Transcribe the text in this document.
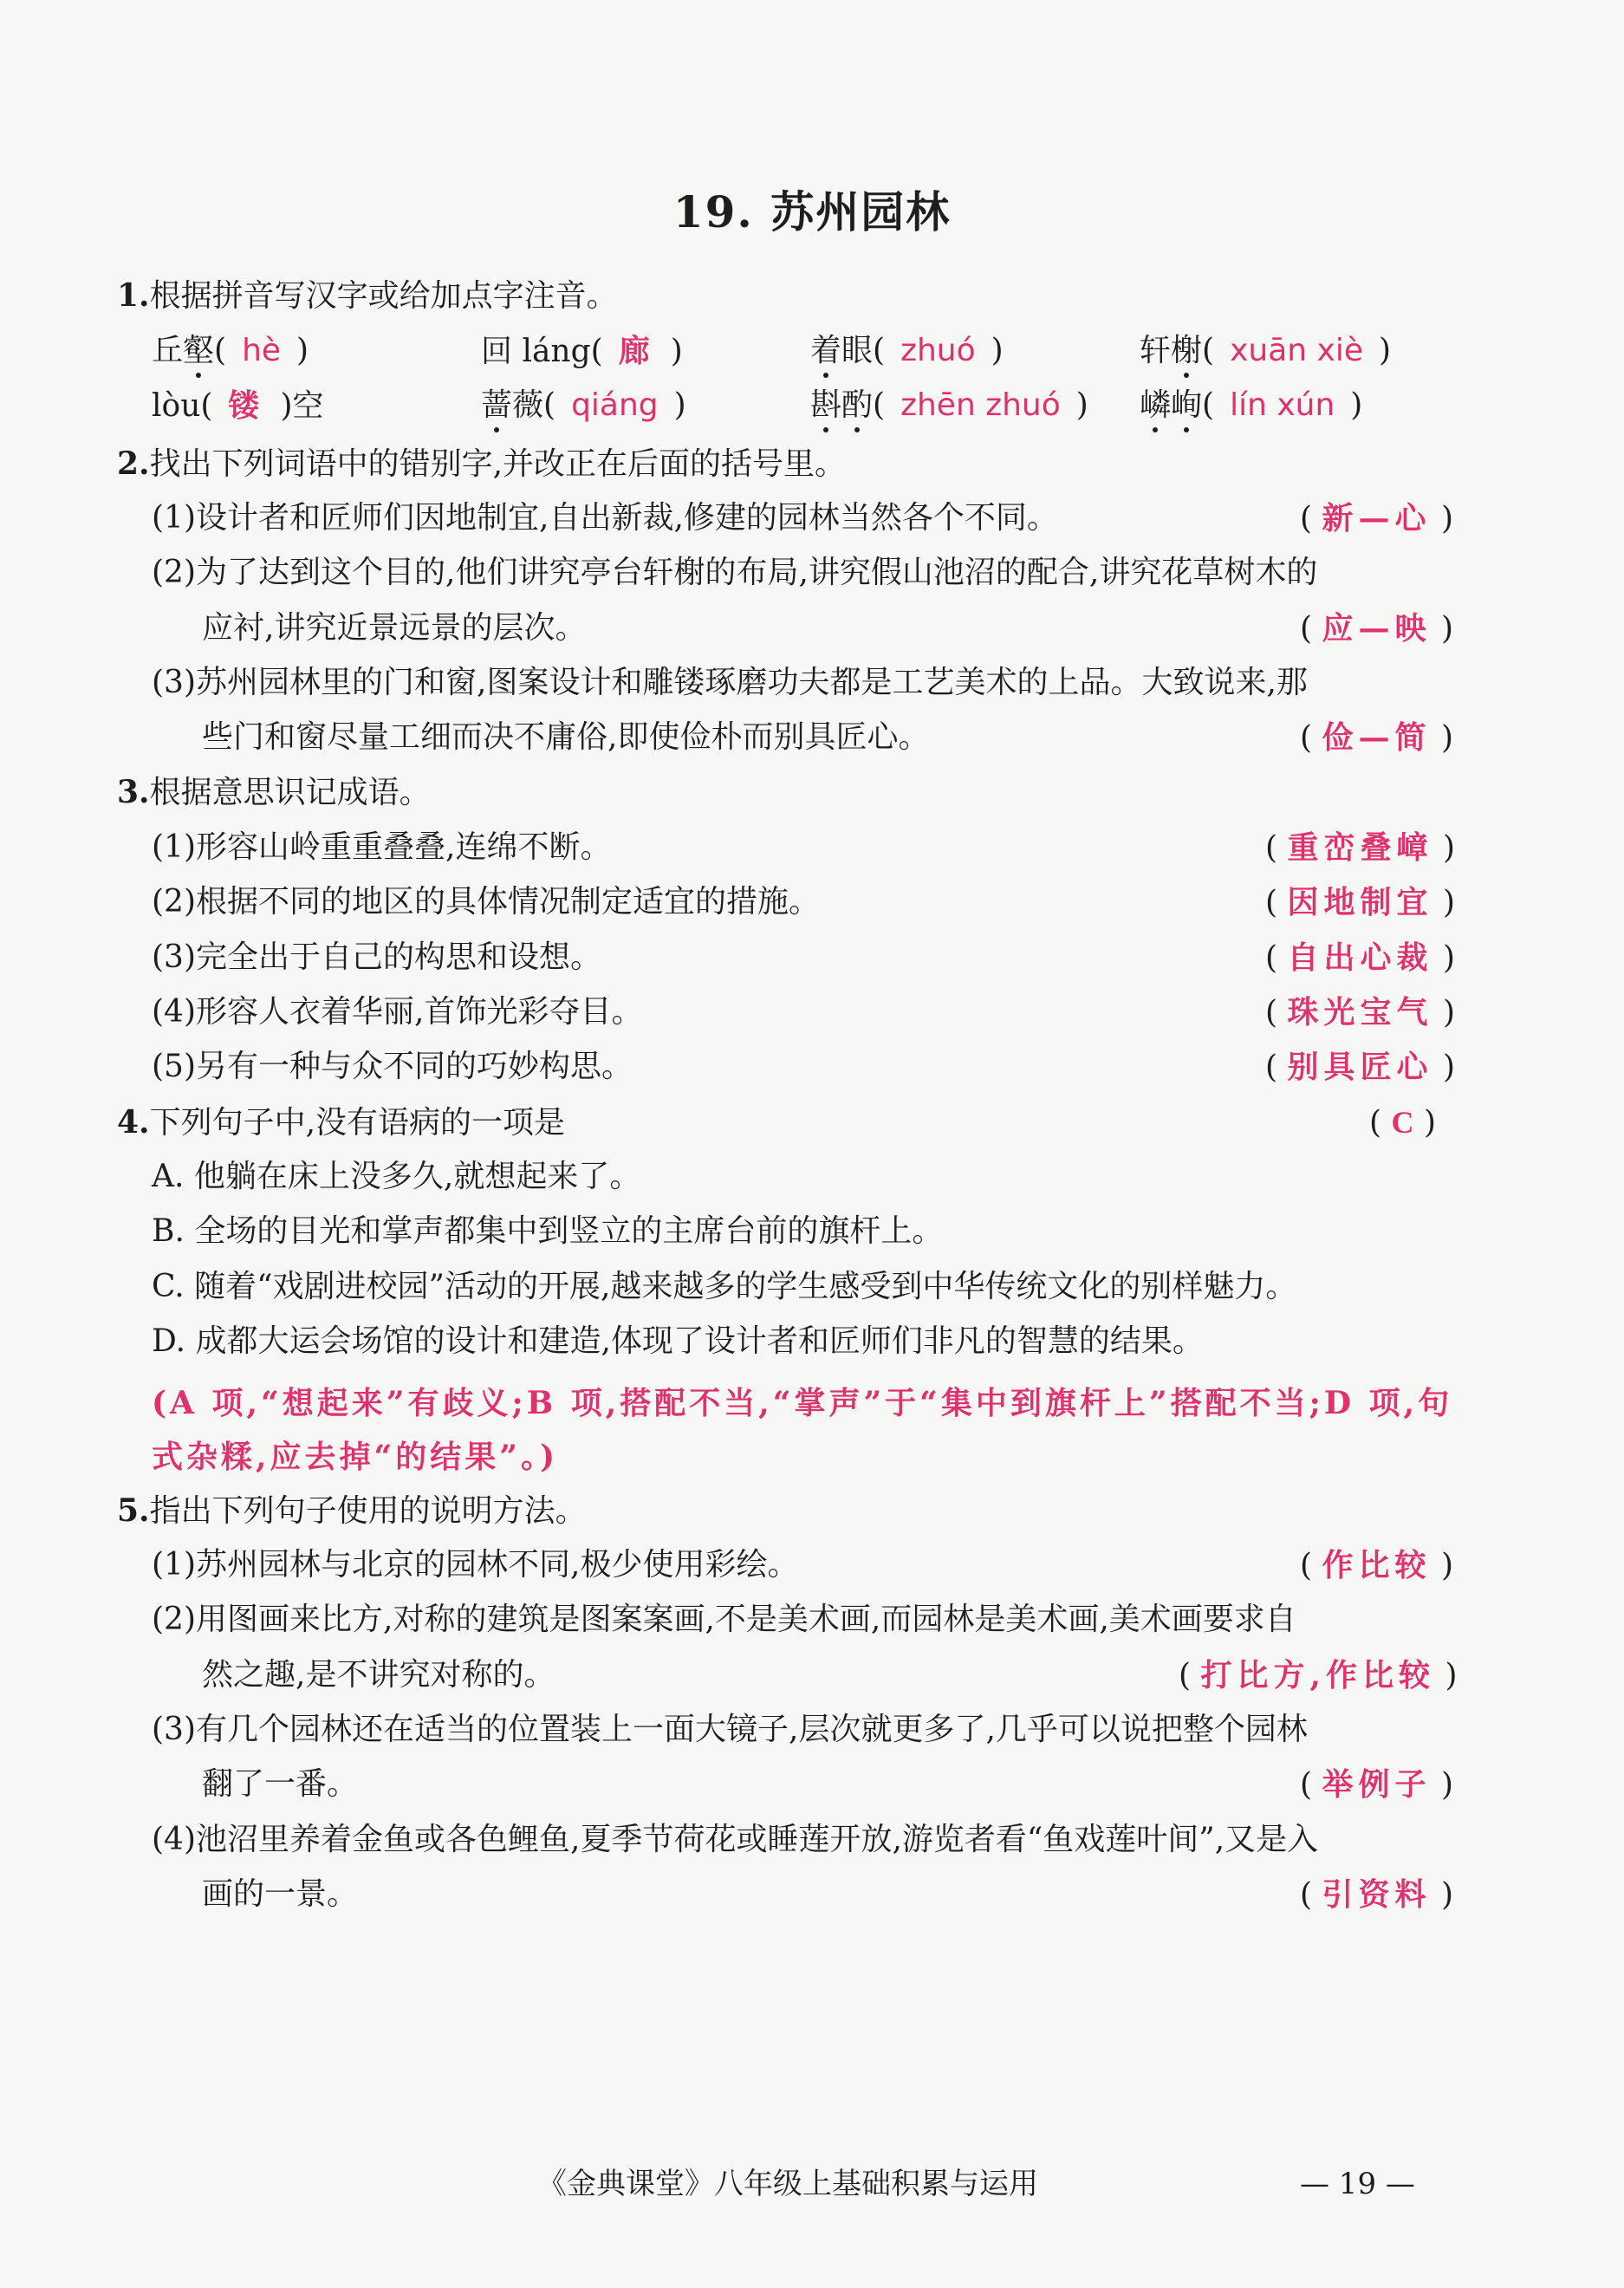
19. 苏州园林
1.根据拼音写汉字或给加点字注音。
丘壑( hè )	回 láng( 廊 )	着眼( zhuó )	轩榭( xuān xiè )
lòu( 镂 )空	蔷薇( qiáng )	斟酌( zhēn zhuó ) 嶙峋( lín xún )
2.找出下列词语中的错别字,并改正在后面的括号里。
(1)设计者和匠师们因地制宜,自出新裁,修建的园林当然各个不同。	( 新—心 )
(2)为了达到这个目的,他们讲究亭台轩榭的布局,讲究假山池沼的配合,讲究花草树木的
应衬,讲究近景远景的层次。	( 应—映 )
(3)苏州园林里的门和窗,图案设计和雕镂琢磨功夫都是工艺美术的上品。大致说来,那
些门和窗尽量工细而决不庸俗,即使俭朴而别具匠心。	( 俭—简 )
3.根据意思识记成语。
(1)形容山岭重重叠叠,连绵不断。	( 重峦叠嶂 )
(2)根据不同的地区的具体情况制定适宜的措施。	( 因地制宜 )
(3)完全出于自己的构思和设想。	( 自出心裁 )
(4)形容人衣着华丽,首饰光彩夺目。	( 珠光宝气 )
(5)另有一种与众不同的巧妙构思。	( 别具匠心 )
4.下列句子中,没有语病的一项是	( C )
A. 他躺在床上没多久,就想起来了。
B. 全场的目光和掌声都集中到竖立的主席台前的旗杆上。
C. 随着“戏剧进校园”活动的开展,越来越多的学生感受到中华传统文化的别样魅力。
D. 成都大运会场馆的设计和建造,体现了设计者和匠师们非凡的智慧的结果。
(A 项,“想起来”有歧义;B 项,搭配不当,“掌声”于“集中到旗杆上”搭配不当;D 项,句式杂糅,应去掉“的结果”。)
5.指出下列句子使用的说明方法。
(1)苏州园林与北京的园林不同,极少使用彩绘。	( 作比较 )
(2)用图画来比方,对称的建筑是图案案画,不是美术画,而园林是美术画,美术画要求自
然之趣,是不讲究对称的。	( 打比方,作比较 )
(3)有几个园林还在适当的位置装上一面大镜子,层次就更多了,几乎可以说把整个园林
翻了一番。	( 举例子 )
(4)池沼里养着金鱼或各色鲤鱼,夏季节荷花或睡莲开放,游览者看“鱼戏莲叶间”,又是入
画的一景。	( 引资料 )
《金典课堂》八年级上 基础积累与运用	— 19 —
